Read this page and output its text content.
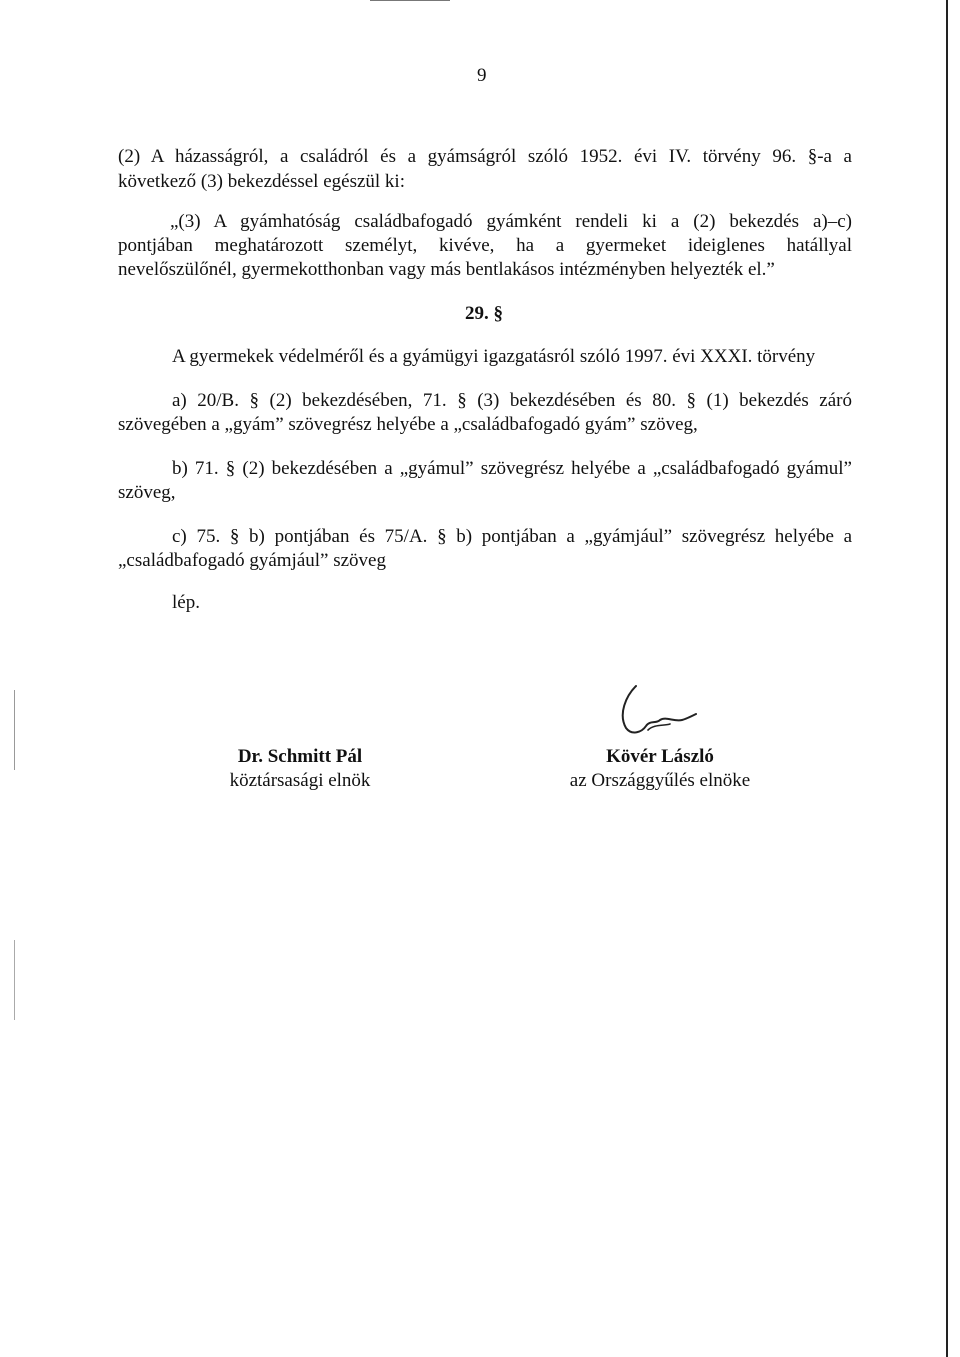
9
(2) A házasságról, a családról és a gyámságról szóló 1952. évi IV. törvény 96. §-a a
következő (3) bekezdéssel egészül ki:
„(3) A gyámhatóság családbafogadó gyámként rendeli ki a (2) bekezdés a)–c)
pontjában meghatározott személyt, kivéve, ha a gyermeket ideiglenes hatállyal
nevelőszülőnél, gyermekotthonban vagy más bentlakásos intézményben helyezték el.”
29. §
A gyermekek védelméről és a gyámügyi igazgatásról szóló 1997. évi XXXI. törvény
a) 20/B. § (2) bekezdésében, 71. § (3) bekezdésében és 80. § (1) bekezdés záró
szövegében a „gyám” szövegrész helyébe a „családbafogadó gyám” szöveg,
b) 71. § (2) bekezdésében a „gyámul” szövegrész helyébe a „családbafogadó gyámul”
szöveg,
c) 75. § b) pontjában és 75/A. § b) pontjában a „gyámjául” szövegrész helyébe a
„családbafogadó gyámjául” szöveg
lép.
Dr. Schmitt Pál
köztársasági elnök
Kövér László
az Országgyűlés elnöke
